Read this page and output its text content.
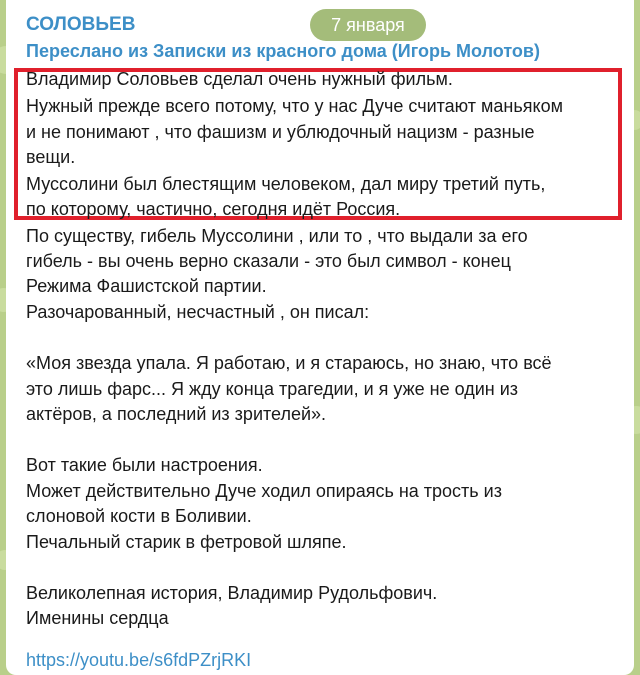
СОЛОВЬЕВ	7 января
Переслано из Записки из красного дома (Игорь Молотов)
Владимир Соловьев сделал очень нужный фильм.
Нужный прежде всего потому, что у нас Дуче считают маньяком
и не понимают , что фашизм и ублюдочный нацизм - разные
вещи.
Муссолини был блестящим человеком, дал миру третий путь,
по которому, частично, сегодня идёт Россия.
По существу, гибель Муссолини , или то , что выдали за его
гибель - вы очень верно сказали - это был символ - конец
Режима Фашистской партии.
Разочарованный, несчастный , он писал:
«Моя звезда упала. Я работаю, и я стараюсь, но знаю, что всё
это лишь фарс... Я жду конца трагедии, и я уже не один из
актёров, а последний из зрителей».
Вот такие были настроения.
Может действительно Дуче ходил опираясь на трость из
слоновой кости в Боливии.
Печальный старик в фетровой шляпе.
Великолепная история, Владимир Рудольфович.
Именины сердца
https://youtu.be/s6fdPZrjRKI
